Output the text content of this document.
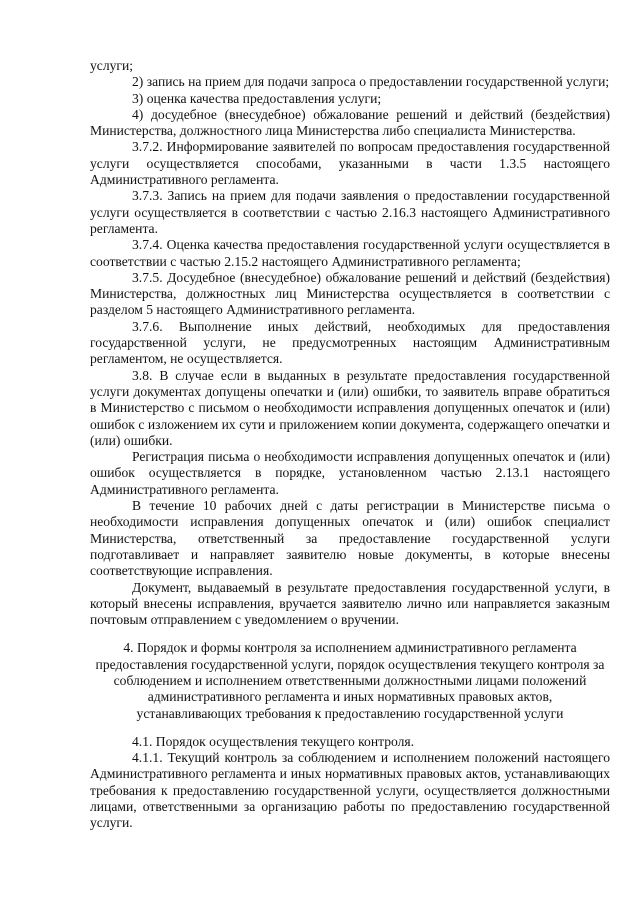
услуги;

2) запись на прием для подачи запроса о предоставлении государственной услуги;

3) оценка качества предоставления услуги;

4) досудебное (внесудебное) обжалование решений и действий (бездействия) Министерства, должностного лица Министерства либо специалиста Министерства.

3.7.2. Информирование заявителей по вопросам предоставления государственной услуги осуществляется способами, указанными в части 1.3.5 настоящего Административного регламента.

3.7.3. Запись на прием для подачи заявления о предоставлении государственной услуги осуществляется в соответствии с частью 2.16.3 настоящего Административного регламента.

3.7.4. Оценка качества предоставления государственной услуги осуществляется в соответствии с частью 2.15.2 настоящего Административного регламента;

3.7.5. Досудебное (внесудебное) обжалование решений и действий (бездействия) Министерства, должностных лиц Министерства осуществляется в соответствии с разделом 5 настоящего Административного регламента.

3.7.6. Выполнение иных действий, необходимых для предоставления государственной услуги, не предусмотренных настоящим Административным регламентом, не осуществляется.

3.8. В случае если в выданных в результате предоставления государственной услуги документах допущены опечатки и (или) ошибки, то заявитель вправе обратиться в Министерство с письмом о необходимости исправления допущенных опечаток и (или) ошибок с изложением их сути и приложением копии документа, содержащего опечатки и (или) ошибки.

Регистрация письма о необходимости исправления допущенных опечаток и (или) ошибок осуществляется в порядке, установленном частью 2.13.1 настоящего Административного регламента.

В течение 10 рабочих дней с даты регистрации в Министерстве письма о необходимости исправления допущенных опечаток и (или) ошибок специалист Министерства, ответственный за предоставление государственной услуги подготавливает и направляет заявителю новые документы, в которые внесены соответствующие исправления.

Документ, выдаваемый в результате предоставления государственной услуги, в который внесены исправления, вручается заявителю лично или направляется заказным почтовым отправлением с уведомлением о вручении.

4. Порядок и формы контроля за исполнением административного регламента предоставления государственной услуги, порядок осуществления текущего контроля за соблюдением и исполнением ответственными должностными лицами положений административного регламента и иных нормативных правовых актов, устанавливающих требования к предоставлению государственной услуги

4.1. Порядок осуществления текущего контроля.

4.1.1. Текущий контроль за соблюдением и исполнением положений настоящего Административного регламента и иных нормативных правовых актов, устанавливающих требования к предоставлению государственной услуги, осуществляется должностными лицами, ответственными за организацию работы по предоставлению государственной услуги.
